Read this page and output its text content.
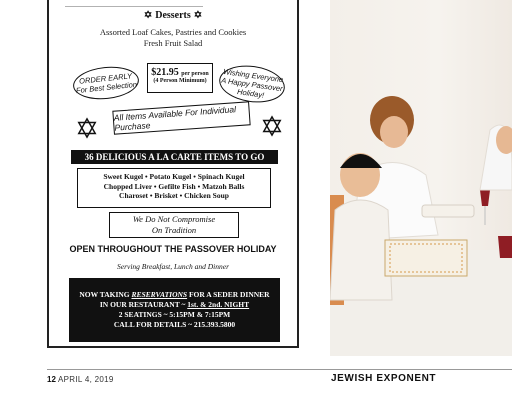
.....................................................................
✡ Desserts ✡
Assorted Loaf Cakes, Pastries and Cookies
Fresh Fruit Salad
ORDER EARLY For Best Selection
$21.95 per person
(4 Person Minimum)	Wishing Everyone A Happy Passover Holiday!
All Items Available For Individual Purchase
36 DELICIOUS A LA CARTE ITEMS TO GO
Sweet Kugel • Potato Kugel • Spinach Kugel
Chopped Liver • Gefilte Fish • Matzoh Balls
Charoset • Brisket • Chicken Soup
We Do Not Compromise
On Tradition
OPEN THROUGHOUT THE PASSOVER HOLIDAY
Serving Breakfast, Lunch and Dinner
NOW TAKING RESERVATIONS FOR A SEDER DINNER
IN OUR RESTAURANT ~ 1st. & 2nd. NIGHT
2 SEATINGS ~ 5:15PM & 7:15PM
CALL FOR DETAILS ~ 215.393.5800
12 APRIL 4, 2019	JEWISH EXPONENT
